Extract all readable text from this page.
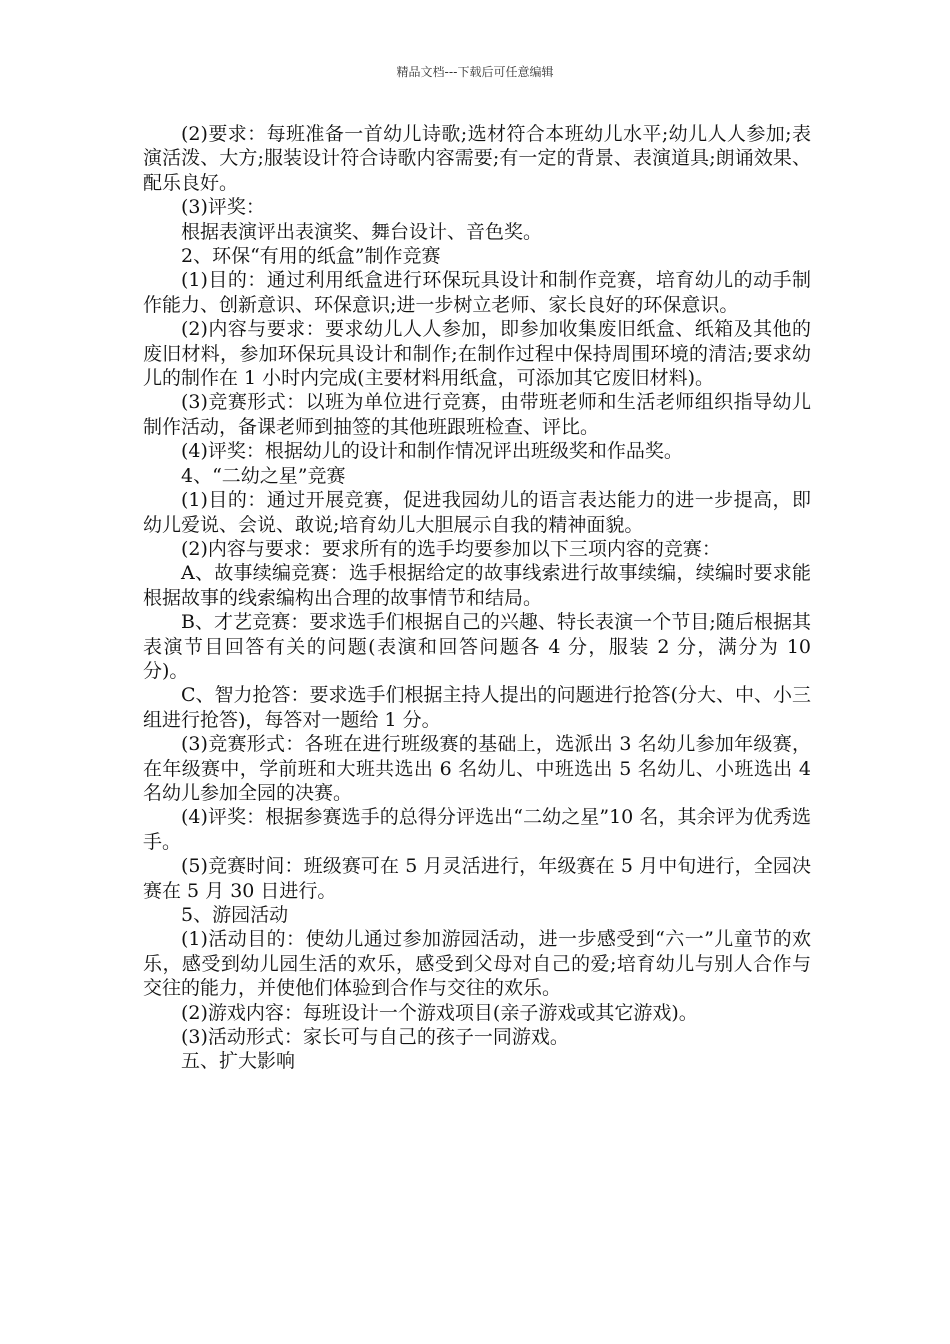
精品文档---下载后可任意编辑

(2)要求：每班准备一首幼儿诗歌;选材符合本班幼儿水平;幼儿人人参加;表演活泼、大方;服装设计符合诗歌内容需要;有一定的背景、表演道具;朗诵效果、配乐良好。

(3)评奖：

根据表演评出表演奖、舞台设计、音色奖。

2、环保“有用的纸盒”制作竞赛

(1)目的：通过利用纸盒进行环保玩具设计和制作竞赛，培育幼儿的动手制作能力、创新意识、环保意识;进一步树立老师、家长良好的环保意识。

(2)内容与要求：要求幼儿人人参加，即参加收集废旧纸盒、纸箱及其他的废旧材料，参加环保玩具设计和制作;在制作过程中保持周围环境的清洁;要求幼儿的制作在 1 小时内完成(主要材料用纸盒，可添加其它废旧材料)。

(3)竞赛形式：以班为单位进行竞赛，由带班老师和生活老师组织指导幼儿制作活动，备课老师到抽签的其他班跟班检查、评比。

(4)评奖：根据幼儿的设计和制作情况评出班级奖和作品奖。

4、“二幼之星”竞赛

(1)目的：通过开展竞赛，促进我园幼儿的语言表达能力的进一步提高，即幼儿爱说、会说、敢说;培育幼儿大胆展示自我的精神面貌。

(2)内容与要求：要求所有的选手均要参加以下三项内容的竞赛：

A、故事续编竞赛：选手根据给定的故事线索进行故事续编，续编时要求能根据故事的线索编构出合理的故事情节和结局。

B、才艺竞赛：要求选手们根据自己的兴趣、特长表演一个节目;随后根据其表演节目回答有关的问题(表演和回答问题各 4 分，服装 2 分，满分为 10 分)。

C、智力抢答：要求选手们根据主持人提出的问题进行抢答(分大、中、小三组进行抢答)，每答对一题给 1 分。

(3)竞赛形式：各班在进行班级赛的基础上，选派出 3 名幼儿参加年级赛，在年级赛中，学前班和大班共选出 6 名幼儿、中班选出 5 名幼儿、小班选出 4 名幼儿参加全园的决赛。

(4)评奖：根据参赛选手的总得分评选出“二幼之星”10 名，其余评为优秀选手。

(5)竞赛时间：班级赛可在 5 月灵活进行，年级赛在 5 月中旬进行，全园决赛在 5 月 30 日进行。

5、游园活动

(1)活动目的：使幼儿通过参加游园活动，进一步感受到“六一”儿童节的欢乐，感受到幼儿园生活的欢乐，感受到父母对自己的爱;培育幼儿与别人合作与交往的能力，并使他们体验到合作与交往的欢乐。

(2)游戏内容：每班设计一个游戏项目(亲子游戏或其它游戏)。

(3)活动形式：家长可与自己的孩子一同游戏。

五、扩大影响
